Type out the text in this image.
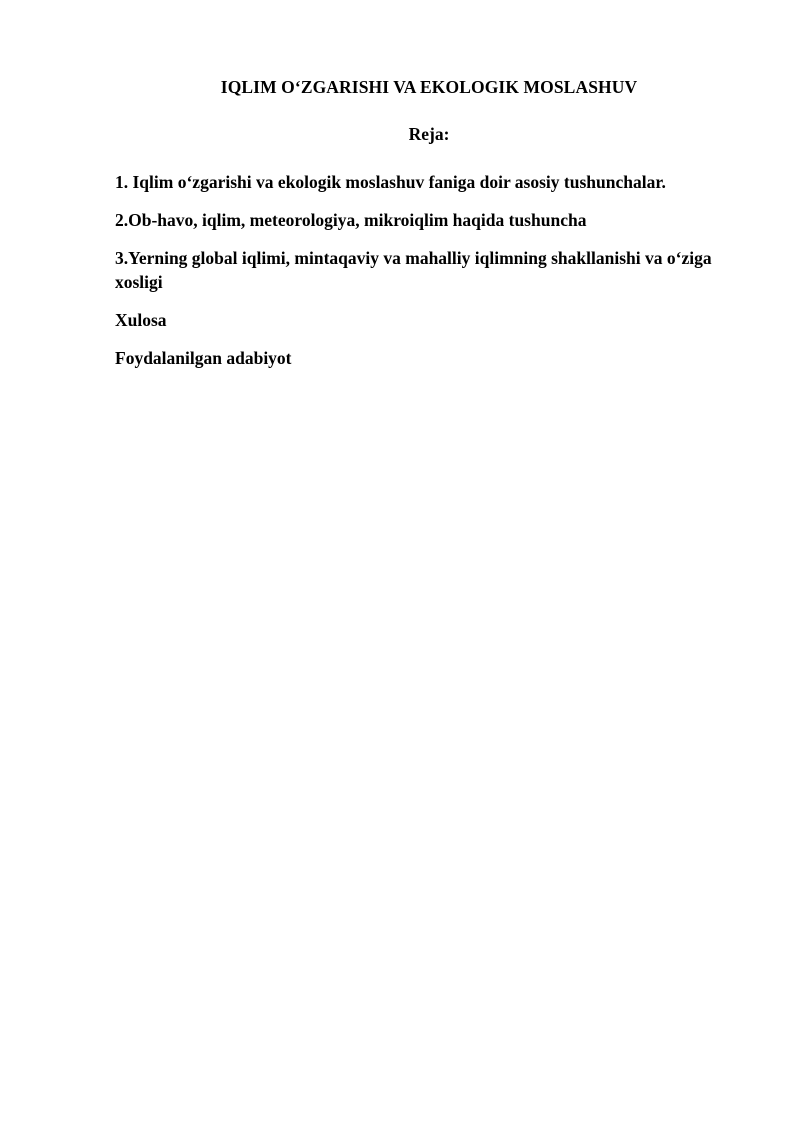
IQLIM O‘ZGARISHI VA EKOLOGIK MOSLASHUV
Reja:
1. Iqlim o‘zgarishi va ekologik moslashuv faniga doir asosiy tushunchalar.
2.Ob-havo, iqlim, meteorologiya, mikroiqlim haqida tushuncha
3.Yerning global iqlimi, mintaqaviy va mahalliy iqlimning shakllanishi va o‘ziga xosligi
Xulosa
Foydalanilgan adabiyot
